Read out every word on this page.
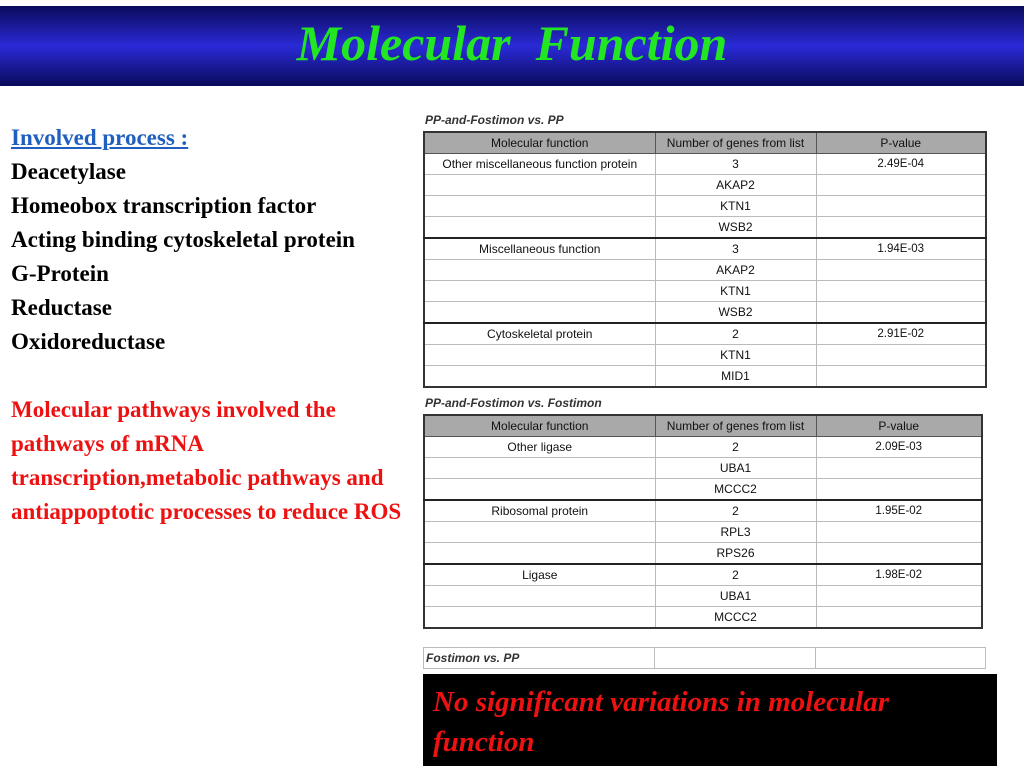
Molecular  Function
Involved process :
Deacetylase
Homeobox transcription factor
Acting binding cytoskeletal protein
G-Protein
Reductase
Oxidoreductase
Molecular pathways involved the pathways of mRNA transcription,metabolic pathways and antiappoptotic processes to reduce ROS
PP-and-Fostimon vs. PP
Molecular function	Number of genes from list	P-value
Other miscellaneous function protein	3	2.49E-04
	AKAP2	
	KTN1	
	WSB2	
Miscellaneous function	3	1.94E-03
	AKAP2	
	KTN1	
	WSB2	
Cytoskeletal protein	2	2.91E-02
	KTN1	
	MID1	
PP-and-Fostimon vs. Fostimon
Molecular function	Number of genes from list	P-value
Other ligase	2	2.09E-03
	UBA1	
	MCCC2	
Ribosomal protein	2	1.95E-02
	RPL3	
	RPS26	
Ligase	2	1.98E-02
	UBA1	
	MCCC2	
Fostimon vs. PP		
No significant variations in molecular function
